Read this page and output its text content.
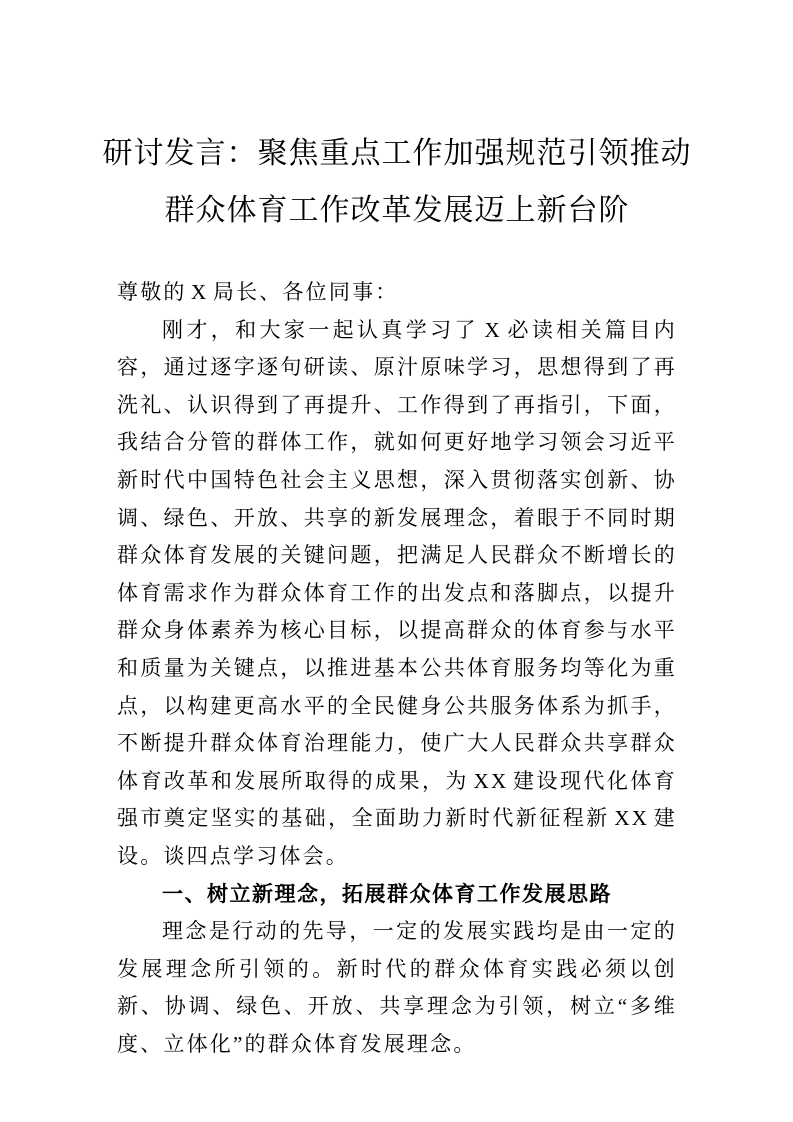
研讨发言：聚焦重点工作加强规范引领推动
群众体育工作改革发展迈上新台阶

尊敬的 X 局长、各位同事：

刚才，和大家一起认真学习了 X 必读相关篇目内容，通过逐字逐句研读、原汁原味学习，思想得到了再洗礼、认识得到了再提升、工作得到了再指引，下面，我结合分管的群体工作，就如何更好地学习领会习近平新时代中国特色社会主义思想，深入贯彻落实创新、协调、绿色、开放、共享的新发展理念，着眼于不同时期群众体育发展的关键问题，把满足人民群众不断增长的体育需求作为群众体育工作的出发点和落脚点，以提升群众身体素养为核心目标，以提高群众的体育参与水平和质量为关键点，以推进基本公共体育服务均等化为重点，以构建更高水平的全民健身公共服务体系为抓手，不断提升群众体育治理能力，使广大人民群众共享群众体育改革和发展所取得的成果，为 XX 建设现代化体育强市奠定坚实的基础，全面助力新时代新征程新 XX 建设。谈四点学习体会。

一、树立新理念，拓展群众体育工作发展思路

理念是行动的先导，一定的发展实践均是由一定的发展理念所引领的。新时代的群众体育实践必须以创新、协调、绿色、开放、共享理念为引领，树立“多维度、立体化”的群众体育发展理念。
